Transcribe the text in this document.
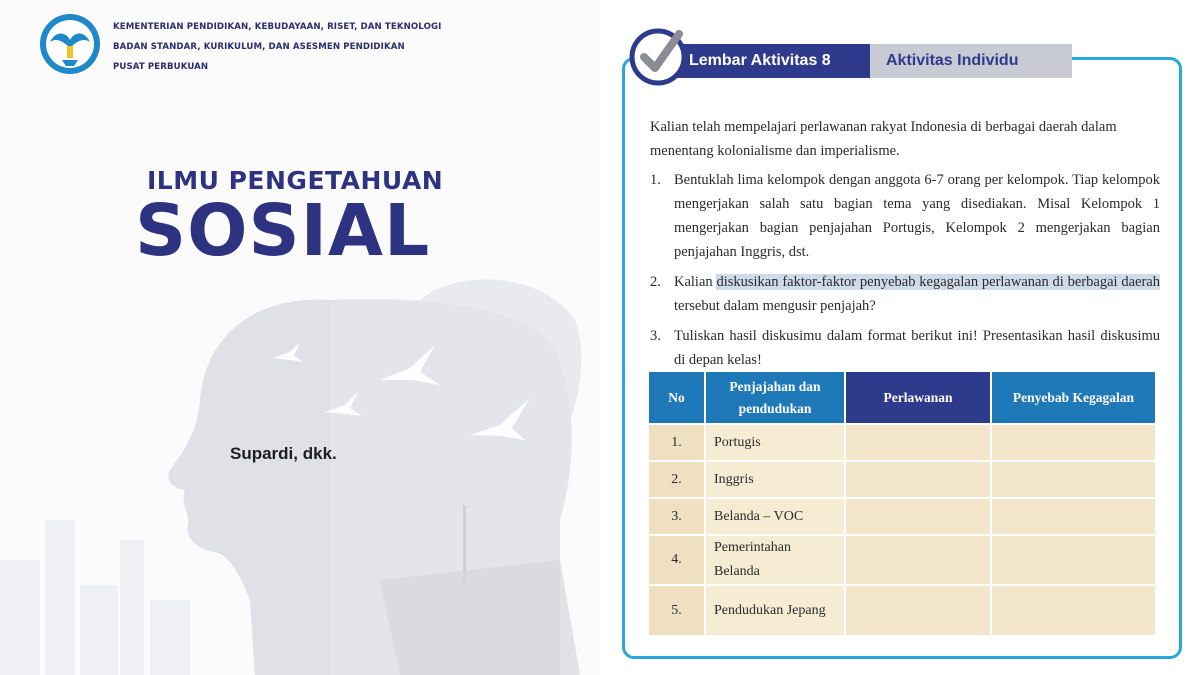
KEMENTERIAN PENDIDIKAN, KEBUDAYAAN, RISET, DAN TEKNOLOGI
BADAN STANDAR, KURIKULUM, DAN ASESMEN PENDIDIKAN
PUSAT PERBUKUAN
ILMU PENGETAHUAN
SOSIAL
Supardi, dkk.
Lembar Aktivitas 8	Aktivitas Individu

Kalian telah mempelajari perlawanan rakyat Indonesia di berbagai daerah dalam menentang kolonialisme dan imperialisme.

1. Bentuklah lima kelompok dengan anggota 6-7 orang per kelompok. Tiap kelompok mengerjakan salah satu bagian tema yang disediakan. Misal Kelompok 1 mengerjakan bagian penjajahan Portugis, Kelompok 2 mengerjakan bagian penjajahan Inggris, dst.
2. Kalian diskusikan faktor-faktor penyebab kegagalan perlawanan di berbagai daerah tersebut dalam mengusir penjajah?
3. Tuliskan hasil diskusimu dalam format berikut ini! Presentasikan hasil diskusimu di depan kelas!
No	Penjajahan dan pendudukan	Perlawanan	Penyebab Kegagalan
1.	Portugis		
2.	Inggris		
3.	Belanda – VOC		
4.	Pemerintahan Belanda		
5.	Pendudukan Jepang		
